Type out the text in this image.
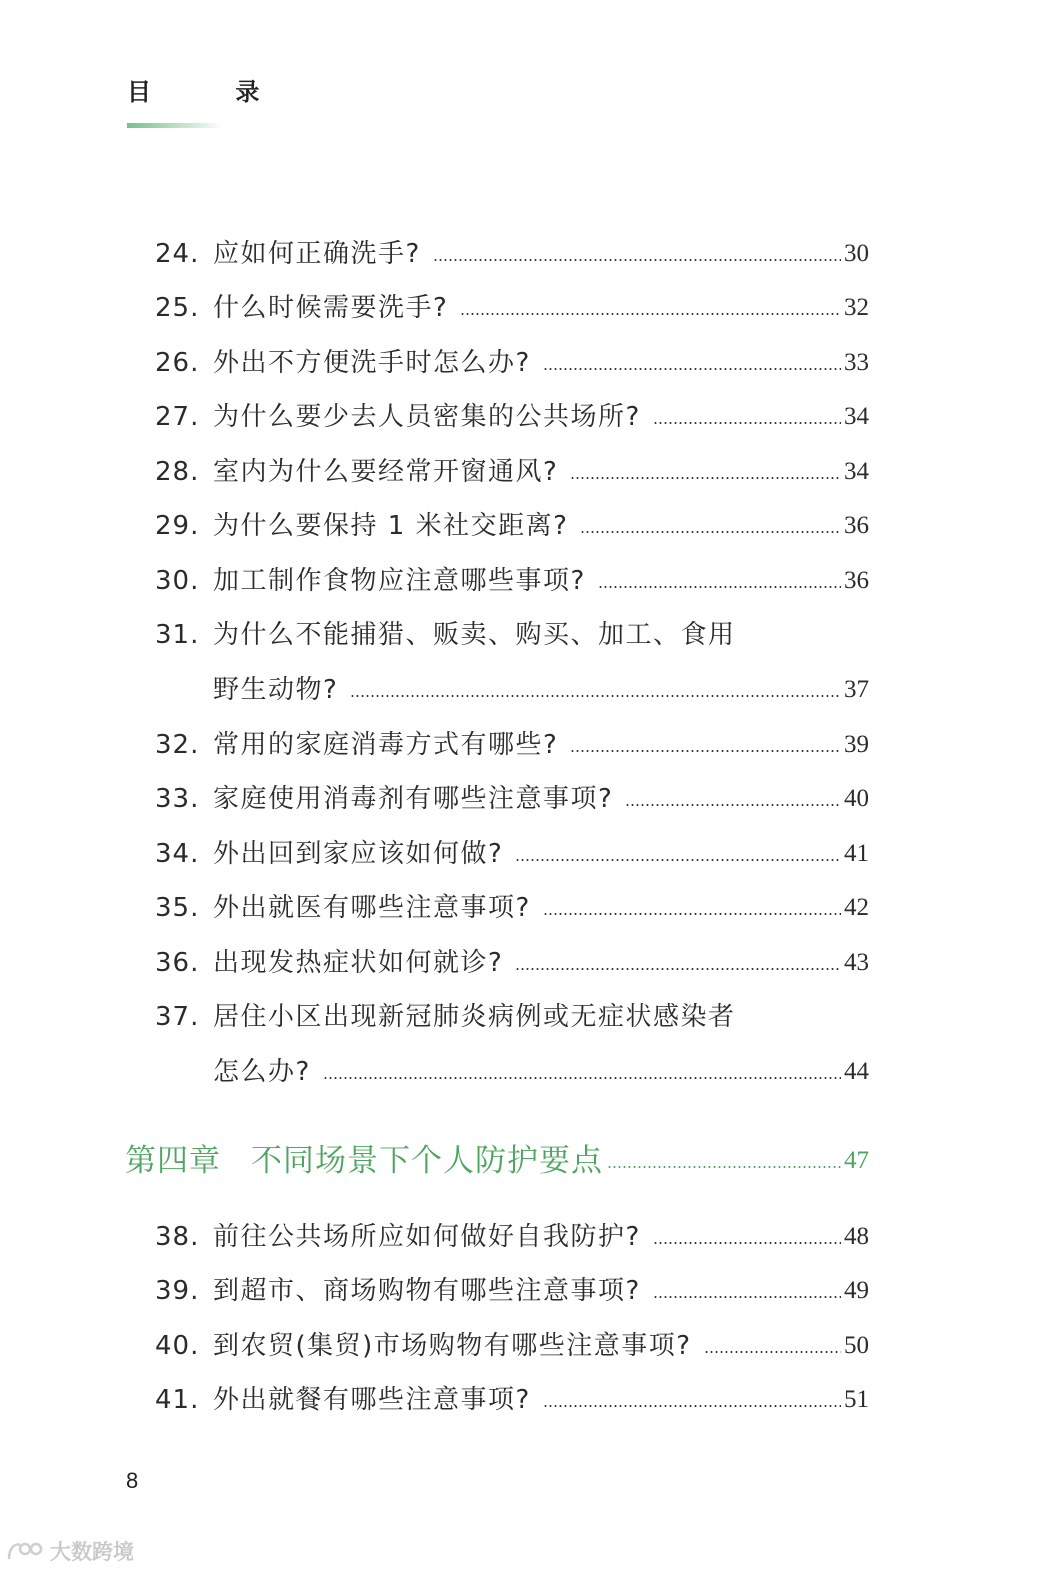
目 录
24. 应如何正确洗手?	30
25. 什么时候需要洗手?	32
26. 外出不方便洗手时怎么办?	33
27. 为什么要少去人员密集的公共场所?	34
28. 室内为什么要经常开窗通风?	34
29. 为什么要保持 1 米社交距离?	36
30. 加工制作食物应注意哪些事项?	36
31. 为什么不能捕猎、贩卖、购买、加工、食用
野生动物?	37
32. 常用的家庭消毒方式有哪些?	39
33. 家庭使用消毒剂有哪些注意事项?	40
34. 外出回到家应该如何做?	41
35. 外出就医有哪些注意事项?	42
36. 出现发热症状如何就诊?	43
37. 居住小区出现新冠肺炎病例或无症状感染者
怎么办?	44
第四章 不同场景下个人防护要点	47
38. 前往公共场所应如何做好自我防护?	48
39. 到超市、商场购物有哪些注意事项?	49
40. 到农贸(集贸)市场购物有哪些注意事项?	50
41. 外出就餐有哪些注意事项?	51
8
大数跨境
